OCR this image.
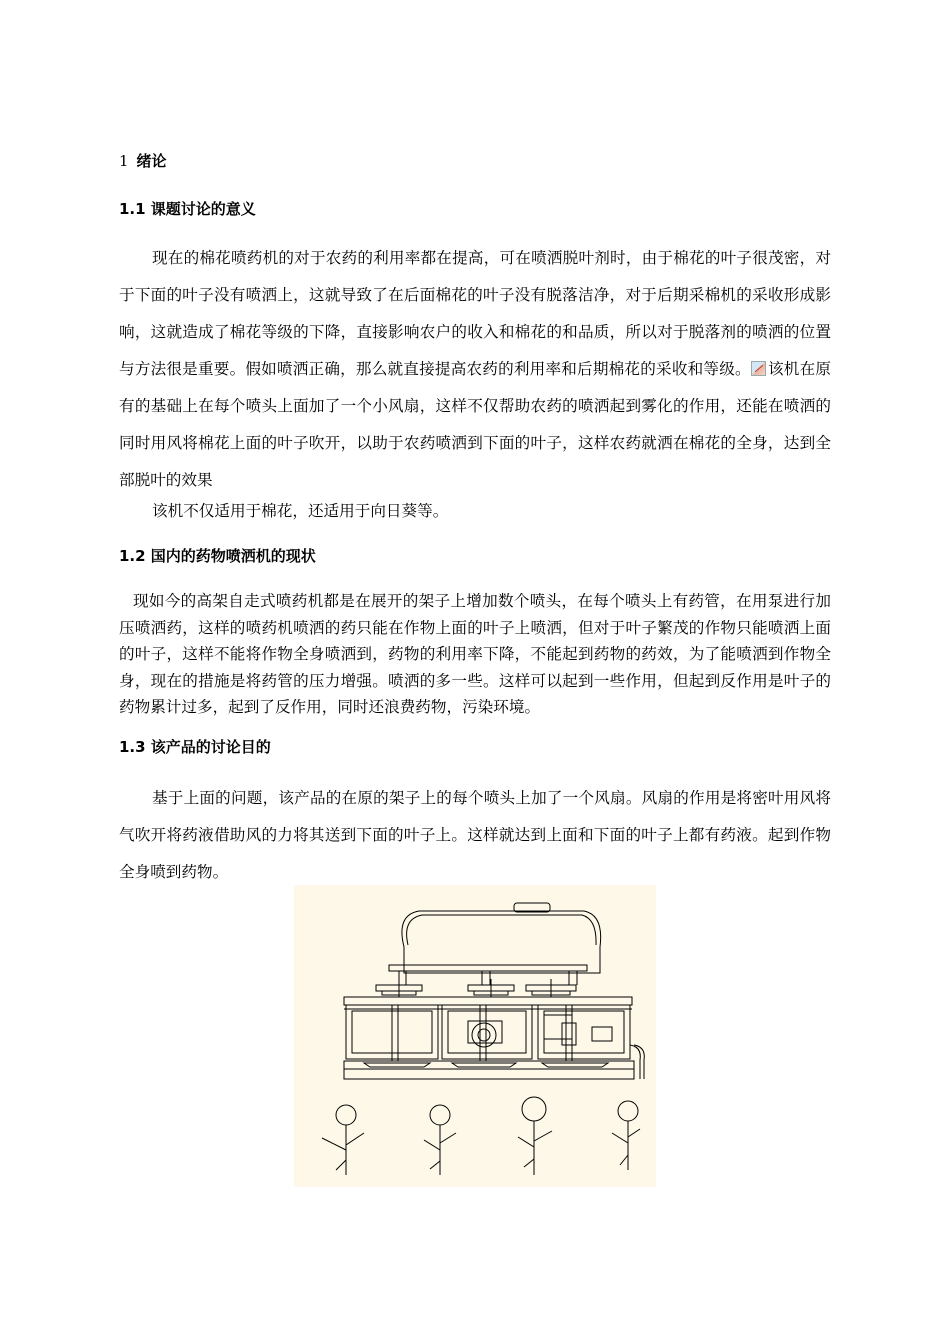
1 绪论
1.1 课题讨论的意义

现在的棉花喷药机的对于农药的利用率都在提高，可在喷洒脱叶剂时，由于棉花的叶子很茂密，对于下面的叶子没有喷洒上，这就导致了在后面棉花的叶子没有脱落洁净，对于后期采棉机的采收形成影响，这就造成了棉花等级的下降，直接影响农户的收入和棉花的和品质，所以对于脱落剂的喷洒的位置与方法很是重要。假如喷洒正确，那么就直接提高农药的利用率和后期棉花的采收和等级。 该机在原有的基础上在每个喷头上面加了一个小风扇，这样不仅帮助农药的喷洒起到雾化的作用，还能在喷洒的同时用风将棉花上面的叶子吹开，以助于农药喷洒到下面的叶子，这样农药就洒在棉花的全身，达到全部脱叶的效果

该机不仅适用于棉花，还适用于向日葵等。

1.2 国内的药物喷洒机的现状

现如今的高架自走式喷药机都是在展开的架子上增加数个喷头，在每个喷头上有药管，在用泵进行加压喷洒药，这样的喷药机喷洒的药只能在作物上面的叶子上喷洒，但对于叶子繁茂的作物只能喷洒上面的叶子，这样不能将作物全身喷洒到，药物的利用率下降，不能起到药物的药效，为了能喷洒到作物全身，现在的措施是将药管的压力增强。喷洒的多一些。这样可以起到一些作用，但起到反作用是叶子的药物累计过多，起到了反作用，同时还浪费药物，污染环境。

1.3 该产品的讨论目的

基于上面的问题，该产品的在原的架子上的每个喷头上加了一个风扇。风扇的作用是将密叶用风将气吹开将药液借助风的力将其送到下面的叶子上。这样就达到上面和下面的叶子上都有药液。起到作物全身喷到药物。
